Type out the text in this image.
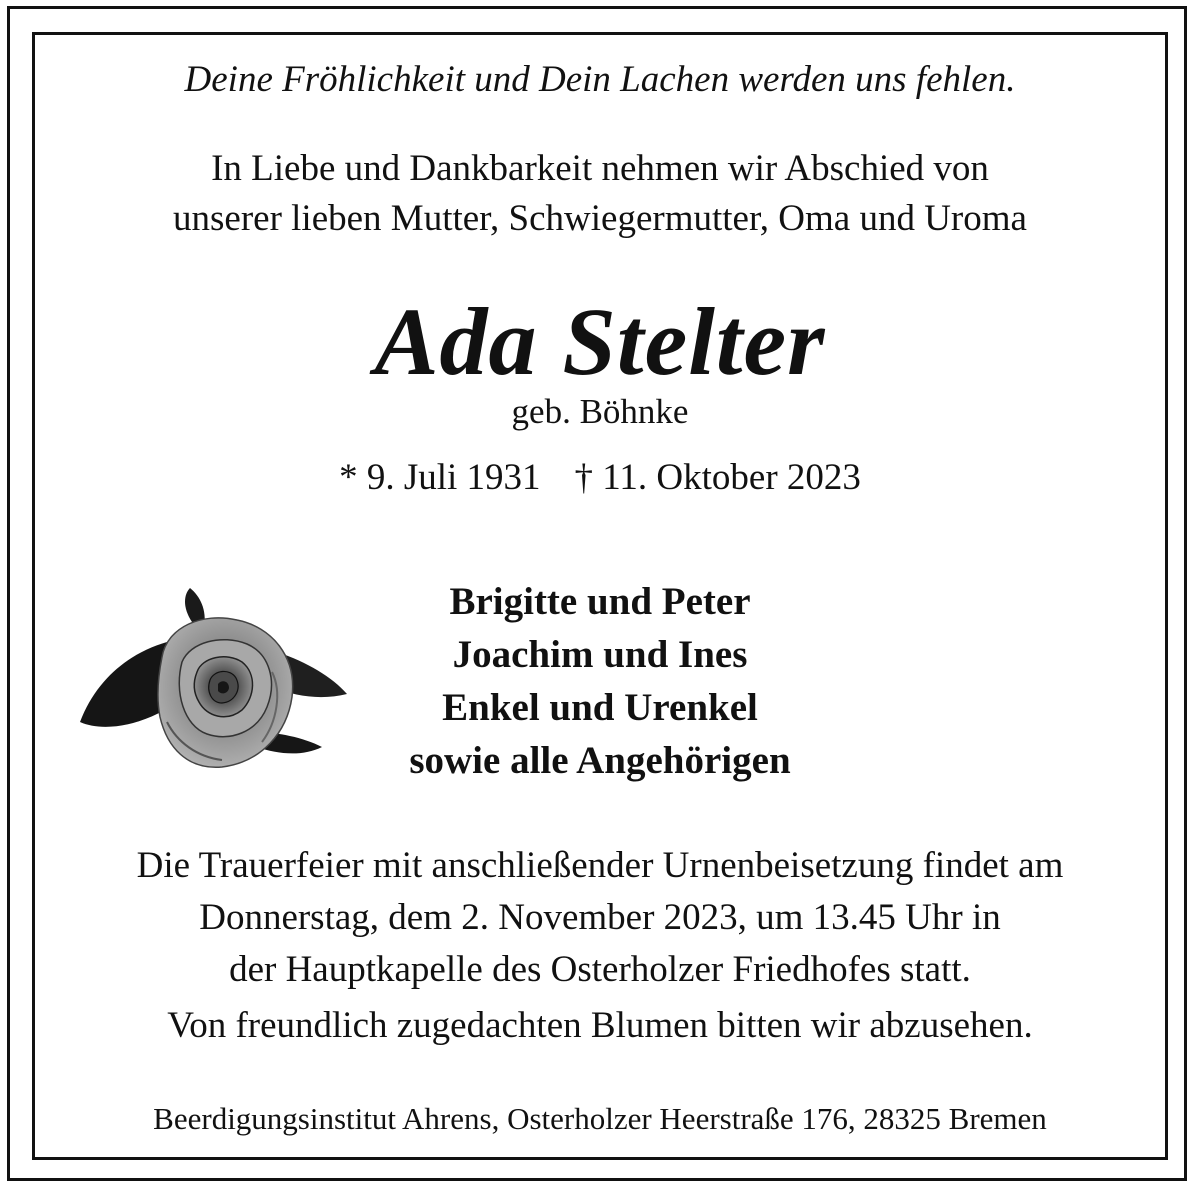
Deine Fröhlichkeit und Dein Lachen werden uns fehlen.
In Liebe und Dankbarkeit nehmen wir Abschied von
unserer lieben Mutter, Schwiegermutter, Oma und Uroma
Ada Stelter
geb. Böhnke
* 9. Juli 1931 † 11. Oktober 2023
Brigitte und Peter
Joachim und Ines
Enkel und Urenkel
sowie alle Angehörigen
Die Trauerfeier mit anschließender Urnenbeisetzung findet am
Donnerstag, dem 2. November 2023, um 13.45 Uhr in
der Hauptkapelle des Osterholzer Friedhofes statt.
Von freundlich zugedachten Blumen bitten wir abzusehen.
Beerdigungsinstitut Ahrens, Osterholzer Heerstraße 176, 28325 Bremen
